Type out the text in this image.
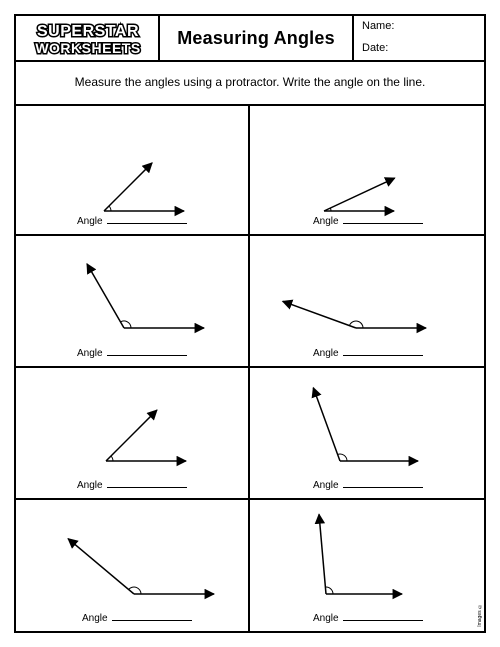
SUPERSTAR
WORKSHEETS
Measuring Angles
Name:
Date:
Measure the angles using a protractor. Write the angle on the line.
Angle	Angle
Angle	Angle
Angle	Angle
Angle	Angle	Images ©
